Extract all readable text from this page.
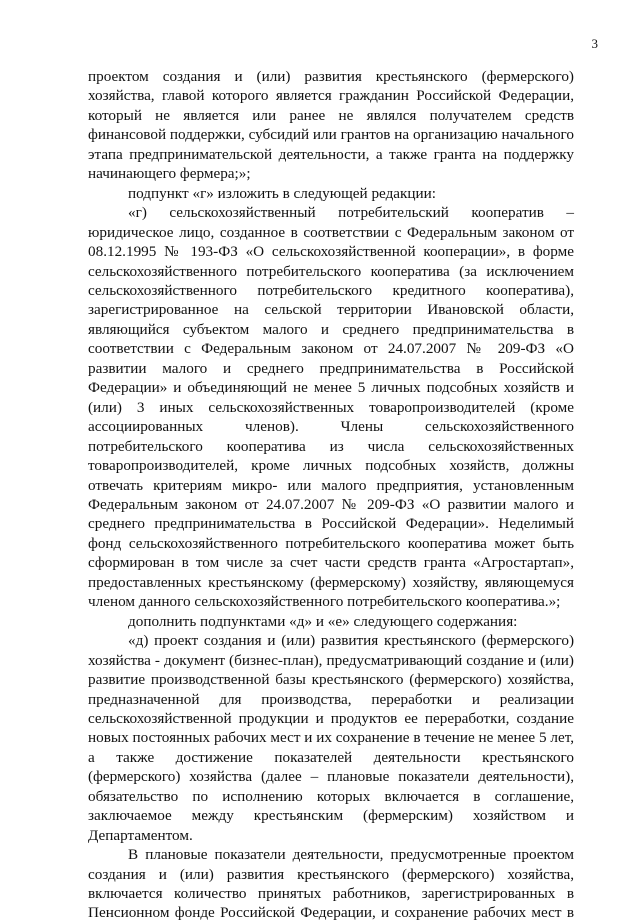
3

проектом создания и (или) развития крестьянского (фермерского) хозяйства, главой которого является гражданин Российской Федерации, который не является или ранее не являлся получателем средств финансовой поддержки, субсидий или грантов на организацию начального этапа предпринимательской деятельности, а также гранта на поддержку начинающего фермера;»;

подпункт «г» изложить в следующей редакции:

«г) сельскохозяйственный потребительский кооператив – юридическое лицо, созданное в соответствии с Федеральным законом от 08.12.1995 № 193-ФЗ «О сельскохозяйственной кооперации», в форме сельскохозяйственного потребительского кооператива (за исключением сельскохозяйственного потребительского кредитного кооператива), зарегистрированное на сельской территории Ивановской области, являющийся субъектом малого и среднего предпринимательства в соответствии с Федеральным законом от 24.07.2007 № 209-ФЗ «О развитии малого и среднего предпринимательства в Российской Федерации» и объединяющий не менее 5 личных подсобных хозяйств и (или) 3 иных сельскохозяйственных товаропроизводителей (кроме ассоциированных членов). Члены сельскохозяйственного потребительского кооператива из числа сельскохозяйственных товаропроизводителей, кроме личных подсобных хозяйств, должны отвечать критериям микро- или малого предприятия, установленным Федеральным законом от 24.07.2007 № 209-ФЗ «О развитии малого и среднего предпринимательства в Российской Федерации». Неделимый фонд сельскохозяйственного потребительского кооператива может быть сформирован в том числе за счет части средств гранта «Агростартап», предоставленных крестьянскому (фермерскому) хозяйству, являющемуся членом данного сельскохозяйственного потребительского кооператива.»;

дополнить подпунктами «д» и «е» следующего содержания:

«д) проект создания и (или) развития крестьянского (фермерского) хозяйства - документ (бизнес-план), предусматривающий создание и (или) развитие производственной базы крестьянского (фермерского) хозяйства, предназначенной для производства, переработки и реализации сельскохозяйственной продукции и продуктов ее переработки, создание новых постоянных рабочих мест и их сохранение в течение не менее 5 лет, а также достижение показателей деятельности крестьянского (фермерского) хозяйства (далее – плановые показатели деятельности), обязательство по исполнению которых включается в соглашение, заключаемое между крестьянским (фермерским) хозяйством и Департаментом.

В плановые показатели деятельности, предусмотренные проектом создания и (или) развития крестьянского (фермерского) хозяйства, включается количество принятых работников, зарегистрированных в Пенсионном фонде Российской Федерации, и сохранение рабочих мест в
